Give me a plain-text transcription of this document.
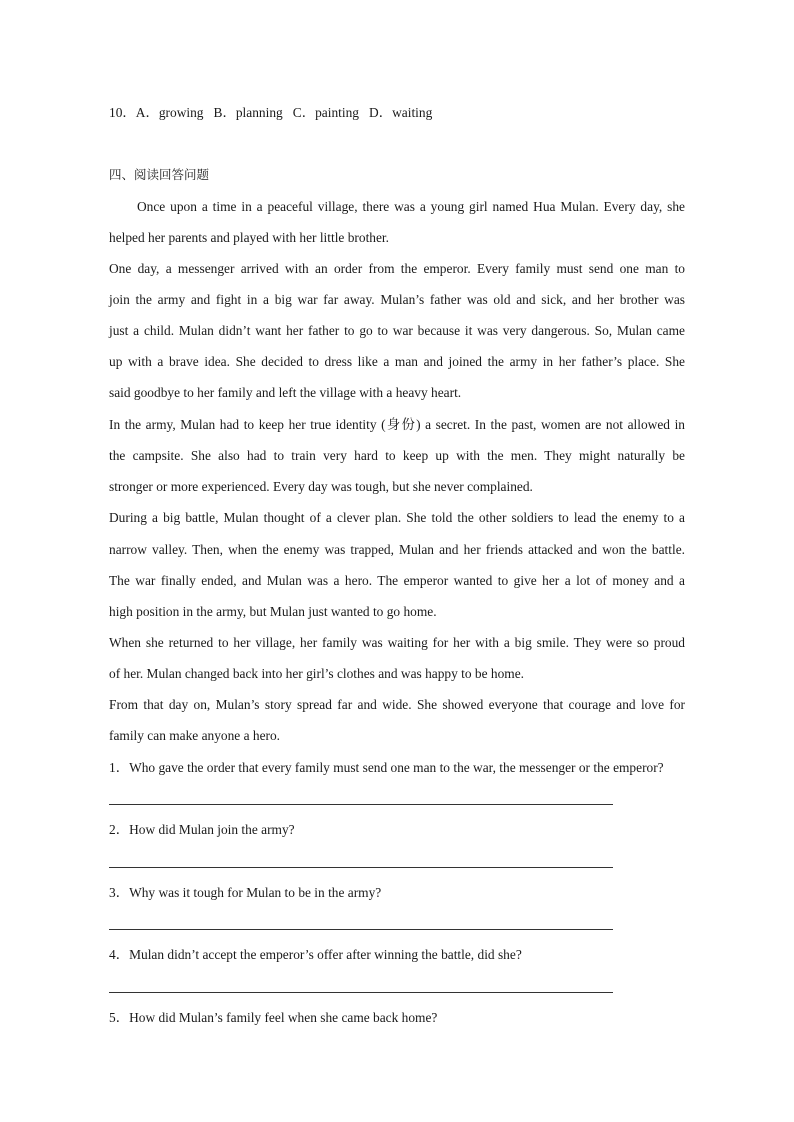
10．A．growing B．planning C．painting D．waiting
四、阅读回答问题
Once upon a time in a peaceful village, there was a young girl named Hua Mulan. Every day, she
helped her parents and played with her little brother.
One day, a messenger arrived with an order from the emperor. Every family must send one man to
join the army and fight in a big war far away. Mulan’s father was old and sick, and her brother was
just a child. Mulan didn’t want her father to go to war because it was very dangerous. So, Mulan came
up with a brave idea. She decided to dress like a man and joined the army in her father’s place. She
said goodbye to her family and left the village with a heavy heart.
In the army, Mulan had to keep her true identity (身份) a secret. In the past, women are not allowed in
the campsite. She also had to train very hard to keep up with the men. They might naturally be
stronger or more experienced. Every day was tough, but she never complained.
During a big battle, Mulan thought of a clever plan. She told the other soldiers to lead the enemy to a
narrow valley. Then, when the enemy was trapped, Mulan and her friends attacked and won the battle.
The war finally ended, and Mulan was a hero. The emperor wanted to give her a lot of money and a
high position in the army, but Mulan just wanted to go home.
When she returned to her village, her family was waiting for her with a big smile. They were so proud
of her. Mulan changed back into her girl’s clothes and was happy to be home.
From that day on, Mulan’s story spread far and wide. She showed everyone that courage and love for
family can make anyone a hero.
1．Who gave the order that every family must send one man to the war, the messenger or the emperor?
2．How did Mulan join the army?
3．Why was it tough for Mulan to be in the army?
4．Mulan didn’t accept the emperor’s offer after winning the battle, did she?
5．How did Mulan’s family feel when she came back home?
